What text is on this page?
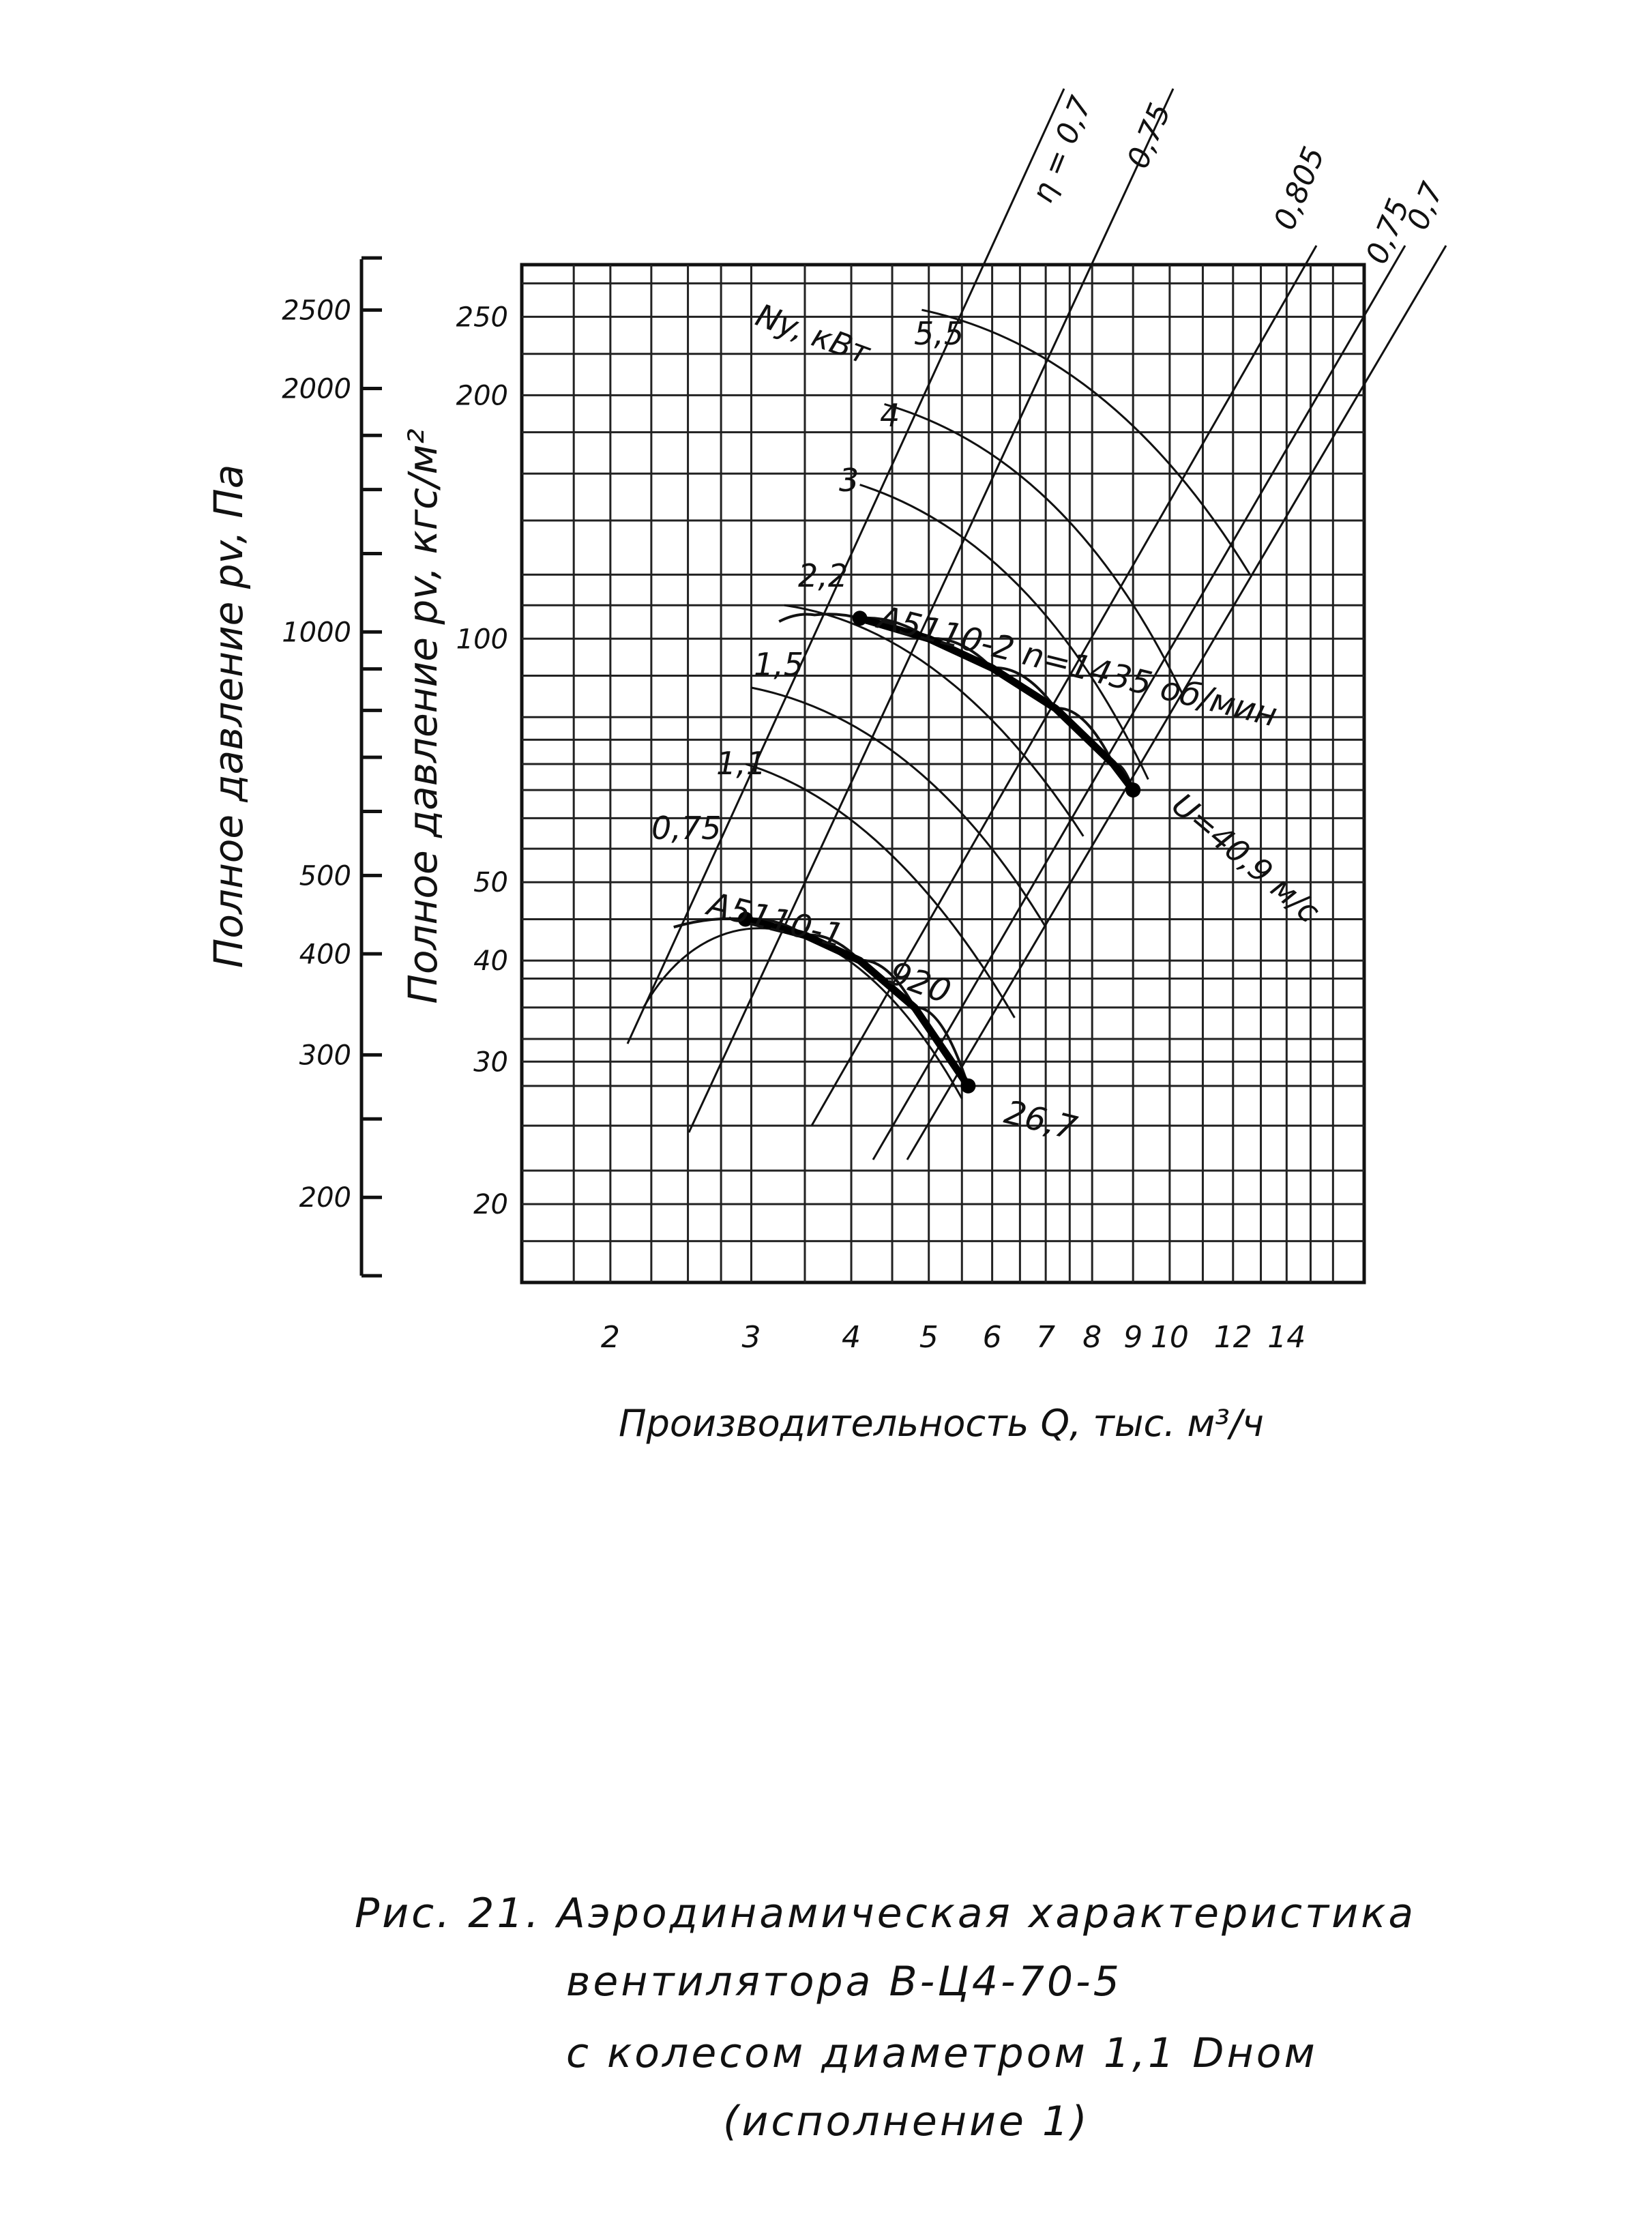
2	3	4 5 6 7 8 9 10 12 14
Производительность Q, тыс. м³/ч
250
200
100
50
40
30
20
2500
2000
1000
500
400
300
200
Полное давление pv, Па	Полное давление pv, кгс/м²
Ny, кВт 5,5
4
3
2,2
1,5
1,1
0,75
η = 0,7 0,75
0,805 0,75
0,7
А5110-2 n=1435 об/мин
U=40,9 м/с
А5110-1
920
26,7
Рис. 21. Аэродинамическая характеристика
вентилятора В-Ц4-70-5
с колесом диаметром 1,1 Dном
(исполнение 1)
